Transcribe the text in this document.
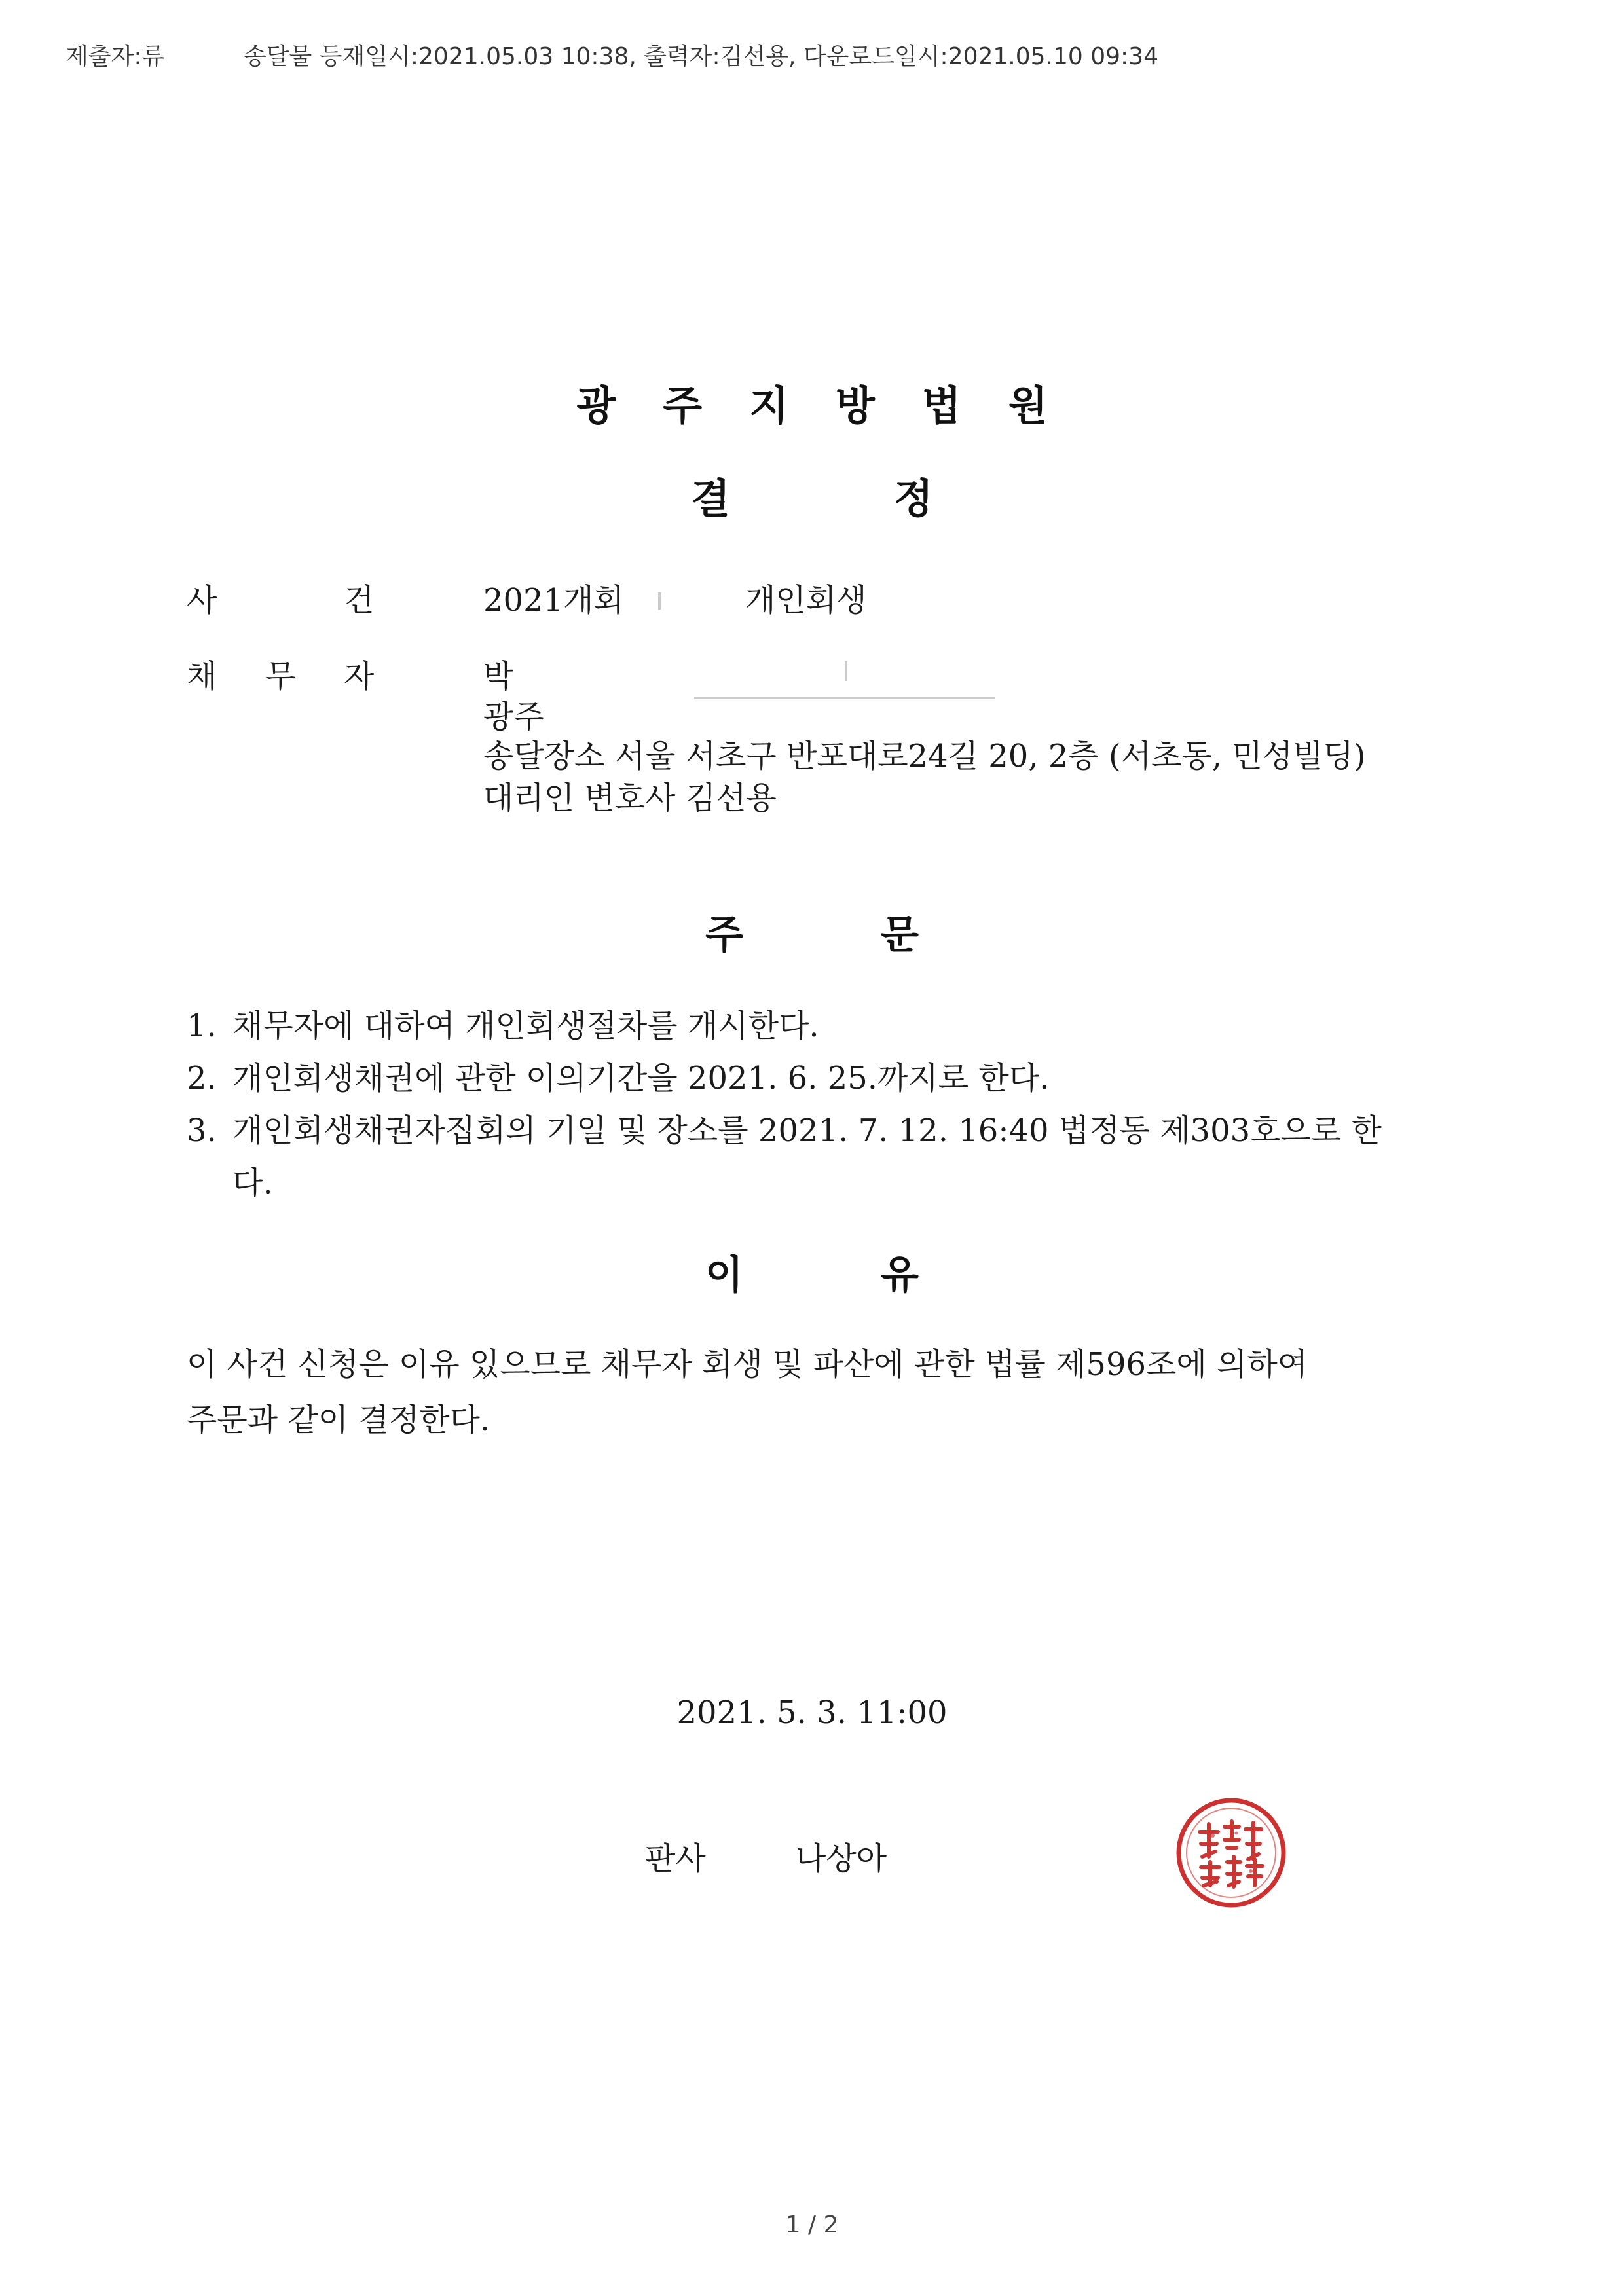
제출자:류	송달물 등재일시:2021.05.03 10:38, 출력자:김선용, 다운로드일시:2021.05.10 09:34
광주지방법원
결정
사	건	2021개회	개인회생
채 무 자	박
광주
송달장소 서울 서초구 반포대로24길 20, 2층 (서초동, 민성빌딩)
대리인 변호사 김선용
주문
1. 채무자에 대하여 개인회생절차를 개시한다.
2. 개인회생채권에 관한 이의기간을 2021. 6. 25.까지로 한다.
3. 개인회생채권자집회의 기일 및 장소를 2021. 7. 12. 16:40 법정동 제303호으로 한
다.
이유
이 사건 신청은 이유 있으므로 채무자 회생 및 파산에 관한 법률 제596조에 의하여
주문과 같이 결정한다.
2021. 5. 3. 11:00
판사	나상아
1 / 2
